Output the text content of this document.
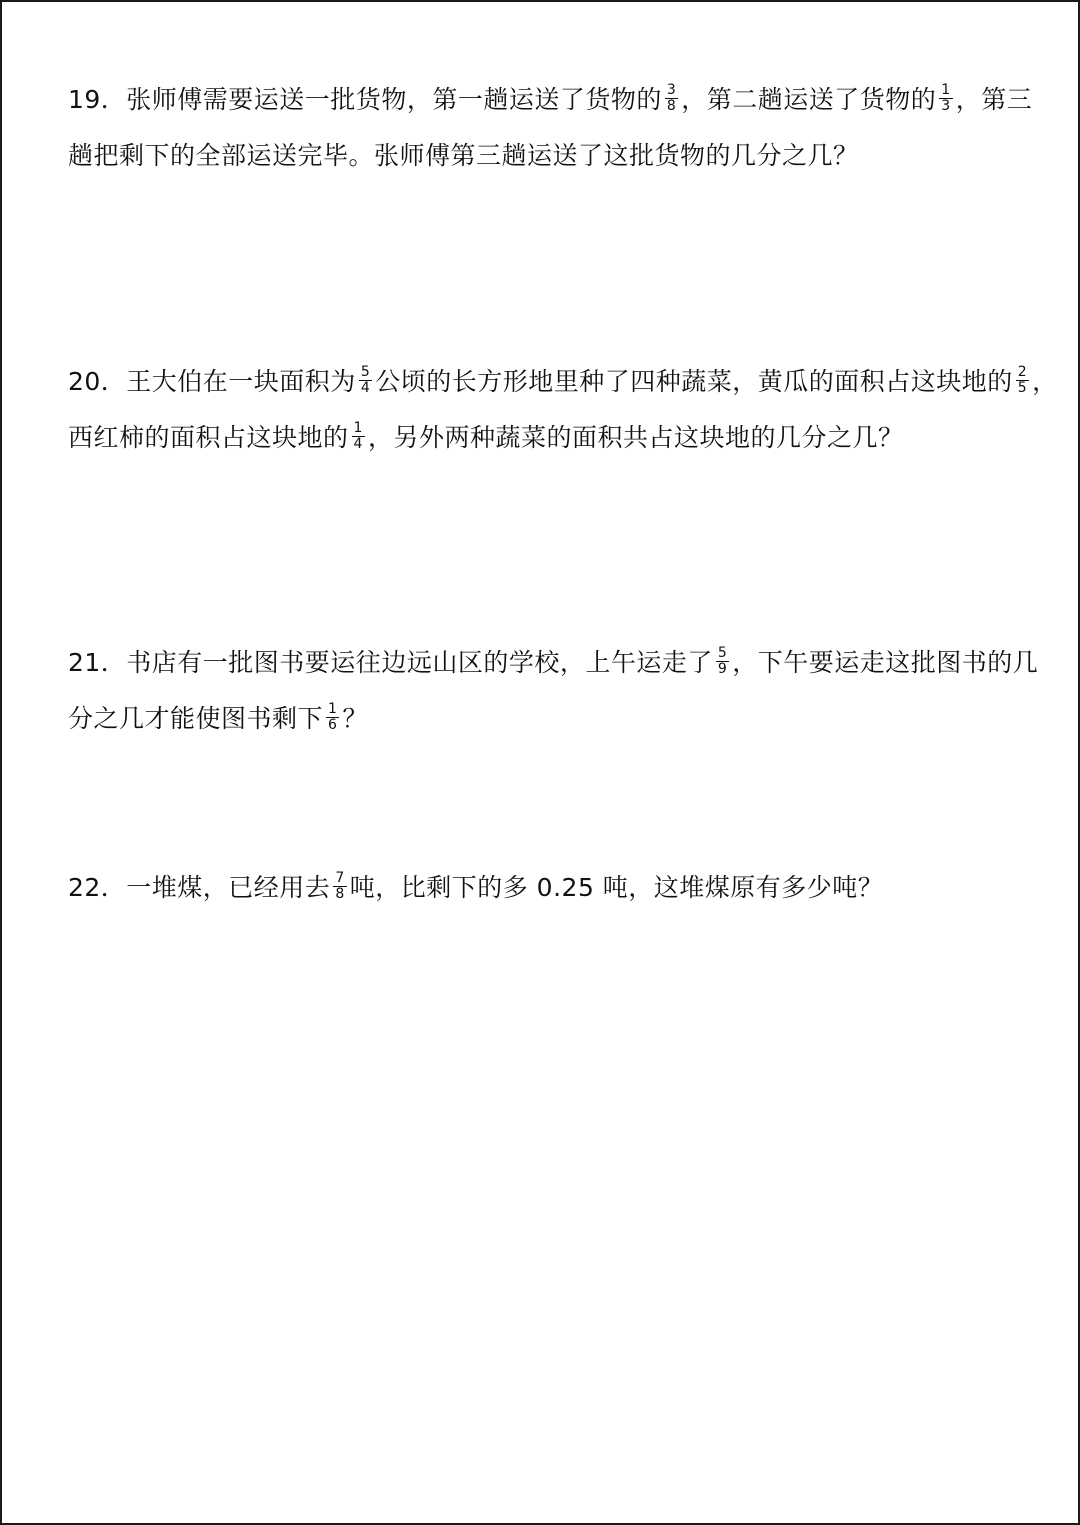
19．张师傅需要运送一批货物，第一趟运送了货物的 $\frac{3}{8}$ ，第二趟运送了货物的 $\frac{1}{3}$ ，第三
趟把剩下的全部运送完毕。张师傅第三趟运送了这批货物的几分之几？
20．王大伯在一块面积为 $\frac{5}{4}$ 公顷的长方形地里种了四种蔬菜，黄瓜的面积占这块地的 $\frac{2}{5}$ ，
西红柿的面积占这块地的 $\frac{1}{4}$ ，另外两种蔬菜的面积共占这块地的几分之几？
21．书店有一批图书要运往边远山区的学校，上午运走了 $\frac{5}{9}$ ，下午要运走这批图书的几
分之几才能使图书剩下 $\frac{1}{6}$ ？
22．一堆煤，已经用去 $\frac{7}{8}$ 吨，比剩下的多 0.25 吨，这堆煤原有多少吨？
